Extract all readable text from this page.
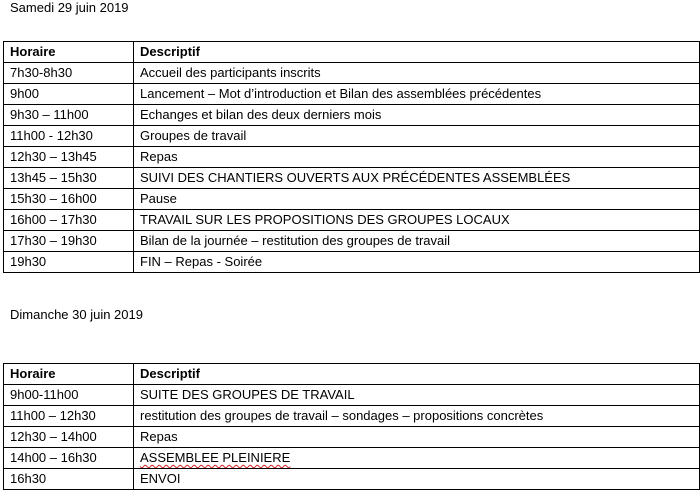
Samedi 29 juin 2019
Horaire	Descriptif
7h30-8h30	Accueil des participants inscrits
9h00	Lancement – Mot d’introduction et Bilan des assemblées précédentes
9h30 – 11h00	Echanges et bilan des deux derniers mois
11h00 - 12h30	Groupes de travail
12h30 – 13h45	Repas
13h45 – 15h30	SUIVI DES CHANTIERS OUVERTS AUX PRÉCÉDENTES ASSEMBLÉES
15h30 – 16h00	Pause
16h00 – 17h30	TRAVAIL SUR LES PROPOSITIONS DES GROUPES LOCAUX
17h30 – 19h30	Bilan de la journée – restitution des groupes de travail
19h30	FIN – Repas - Soirée
Dimanche 30 juin 2019
Horaire	Descriptif
9h00-11h00	SUITE DES GROUPES DE TRAVAIL
11h00 – 12h30	restitution des groupes de travail – sondages – propositions concrètes
12h30 – 14h00	Repas
14h00 – 16h30	ASSEMBLEE PLEINIERE
16h30	ENVOI
